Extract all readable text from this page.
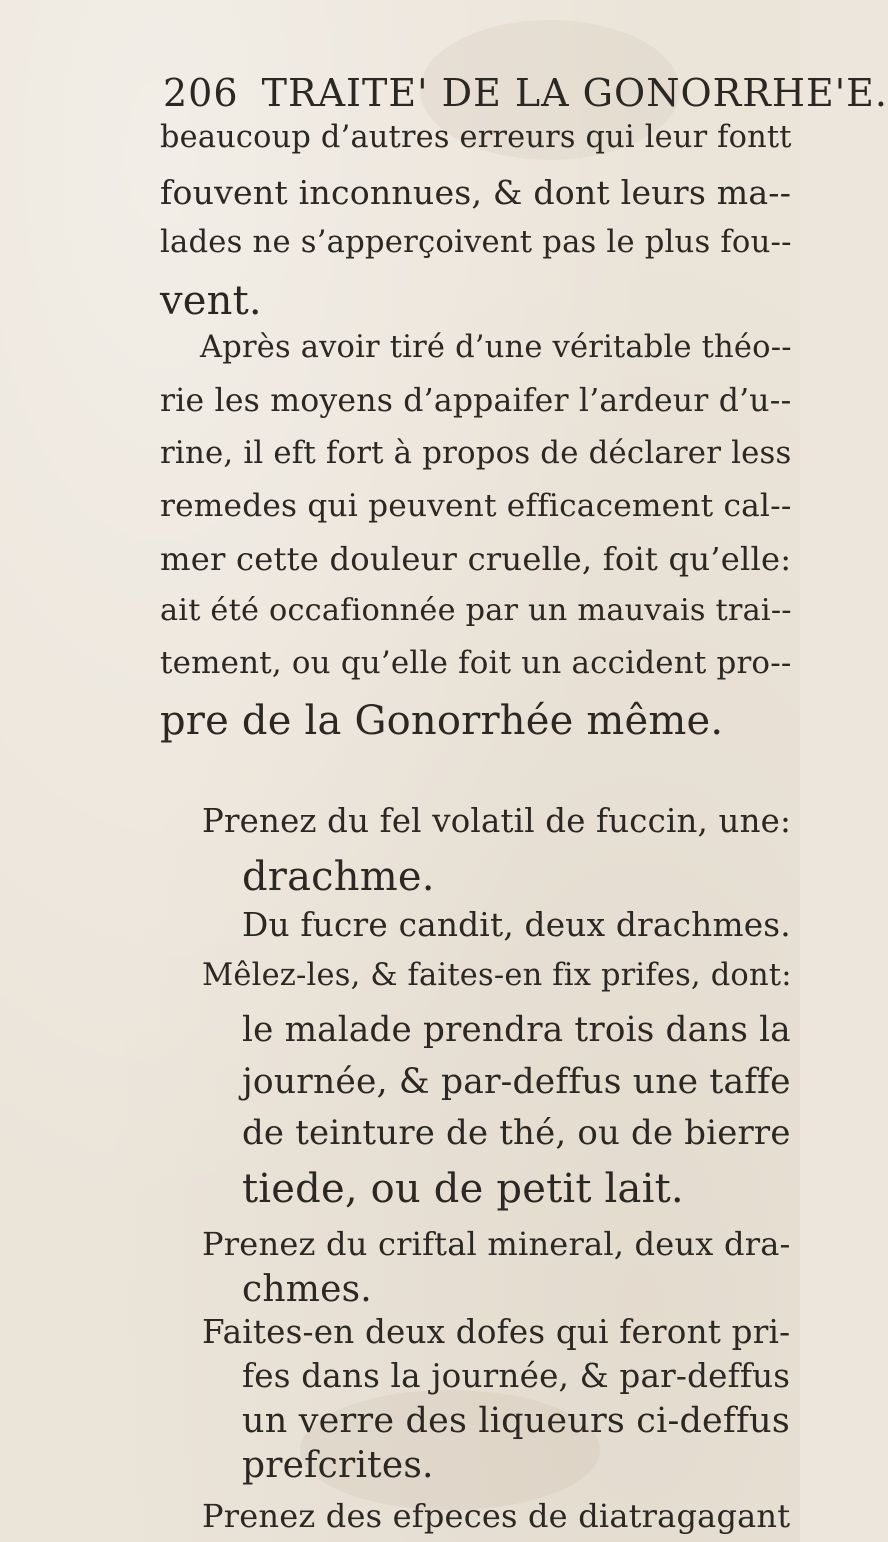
206 TRAITE' DE LA GONORRHE'E.
beaucoup d’autres erreurs qui leur fontt
fouvent inconnues, & dont leurs ma--
lades ne s’apperçoivent pas le plus fou--
vent.
Après avoir tiré d’une véritable théo--
rie les moyens d’appaifer l’ardeur d’u--
rine, il eft fort à propos de déclarer less
remedes qui peuvent efficacement cal--
mer cette douleur cruelle, foit qu’elle:
ait été occafionnée par un mauvais trai--
tement, ou qu’elle foit un accident pro--
pre de la Gonorrhée même.
Prenez du fel volatil de fuccin, une:
drachme.
Du fucre candit, deux drachmes.
Mêlez-les, & faites-en fix prifes, dont:
le malade prendra trois dans la
journée, & par-deffus une taffe
de teinture de thé, ou de bierre
tiede, ou de petit lait.
Prenez du criftal mineral, deux dra-
chmes.
Faites-en deux dofes qui feront pri-
fes dans la journée, & par-deffus
un verre des liqueurs ci-deffus
prefcrites.
Prenez des efpeces de diatragagant
